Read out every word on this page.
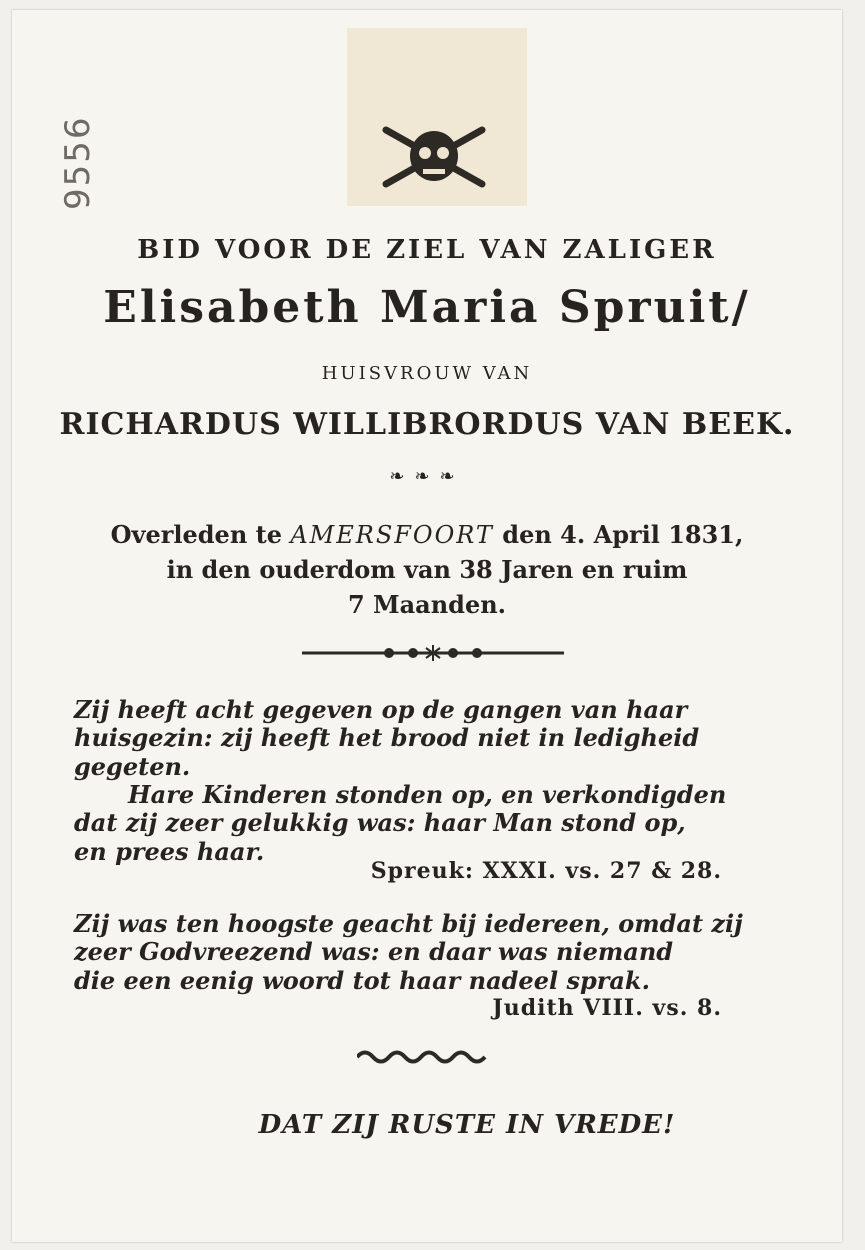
9556
BID VOOR DE ZIEL VAN ZALIGER
Elisabeth Maria Spruit/
HUISVROUW VAN
RICHARDUS WILLIBRORDUS VAN BEEK.
❧❧❧
Overleden te AMERSFOORT den 4. April 1831,
in den ouderdom van 38 Jaren en ruim
7 Maanden.
Zij heeft acht gegeven op de gangen van haar
huisgezin: zij heeft het brood niet in ledigheid
gegeten.
Hare Kinderen stonden op, en verkondigden
dat zij zeer gelukkig was: haar Man stond op,
en prees haar.
Spreuk: XXXI. vs. 27 & 28.
Zij was ten hoogste geacht bij iedereen, omdat zij
zeer Godvreezend was: en daar was niemand
die een eenig woord tot haar nadeel sprak.
Judith VIII. vs. 8.
DAT ZIJ RUSTE IN VREDE!
